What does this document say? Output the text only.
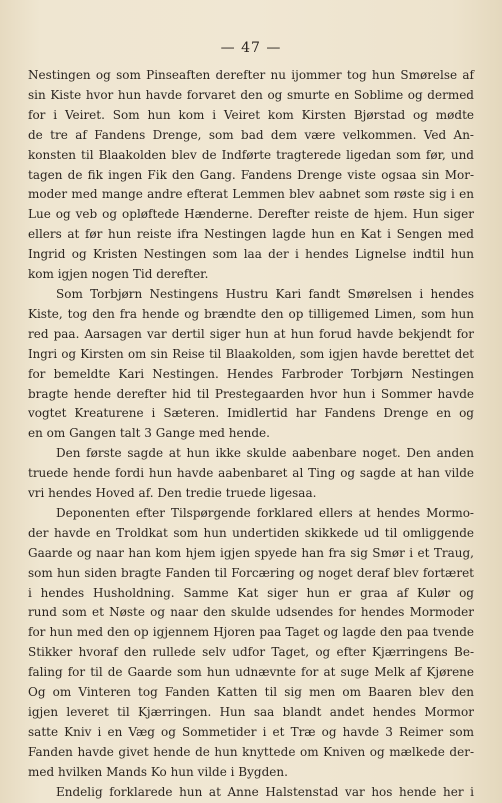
— 47 —

Nestingen og som Pinseaften derefter nu ijommer tog hun Smørelse af
sin Kiste hvor hun havde forvaret den og smurte en Soblime og dermed
for i Veiret. Som hun kom i Veiret kom Kirsten Bjørstad og mødte
de tre af Fandens Drenge, som bad dem være velkommen. Ved An-
konsten til Blaakolden blev de Indførte tragterede ligedan som før, und
tagen de fik ingen Fik den Gang. Fandens Drenge viste ogsaa sin Mor-
moder med mange andre efterat Lemmen blev aabnet som røste sig i en
Lue og veb og opløftede Hænderne. Derefter reiste de hjem. Hun siger
ellers at før hun reiste ifra Nestingen lagde hun en Kat i Sengen med
Ingrid og Kristen Nestingen som laa der i hendes Lignelse indtil hun
kom igjen nogen Tid derefter.

Som Torbjørn Nestingens Hustru Kari fandt Smørelsen i hendes
Kiste, tog den fra hende og brændte den op tilligemed Limen, som hun
red paa. Aarsagen var dertil siger hun at hun forud havde bekjendt for
Ingri og Kirsten om sin Reise til Blaakolden, som igjen havde berettet det
for bemeldte Kari Nestingen. Hendes Farbroder Torbjørn Nestingen
bragte hende derefter hid til Prestegaarden hvor hun i Sommer havde
vogtet Kreaturene i Sæteren. Imidlertid har Fandens Drenge en og
en om Gangen talt 3 Gange med hende.

Den første sagde at hun ikke skulde aabenbare noget. Den anden
truede hende fordi hun havde aabenbaret al Ting og sagde at han vilde
vri hendes Hoved af. Den tredie truede ligesaa.

Deponenten efter Tilspørgende forklared ellers at hendes Mormo-
der havde en Troldkat som hun undertiden skikkede ud til omliggende
Gaarde og naar han kom hjem igjen spyede han fra sig Smør i et Traug,
som hun siden bragte Fanden til Forcæring og noget deraf blev fortæret
i hendes Husholdning. Samme Kat siger hun er graa af Kulør og
rund som et Nøste og naar den skulde udsendes for hendes Mormoder
for hun med den op igjennem Hjoren paa Taget og lagde den paa tvende
Stikker hvoraf den rullede selv udfor Taget, og efter Kjærringens Be-
faling for til de Gaarde som hun udnævnte for at suge Melk af Kjørene
Og om Vinteren tog Fanden Katten til sig men om Baaren blev den
igjen leveret til Kjærringen. Hun saa blandt andet hendes Mormor
satte Kniv i en Væg og Sommetider i et Træ og havde 3 Reimer som
Fanden havde givet hende de hun knyttede om Kniven og mælkede der-
med hvilken Mands Ko hun vilde i Bygden.

Endelig forklarede hun at Anne Halstenstad var hos hende her i
